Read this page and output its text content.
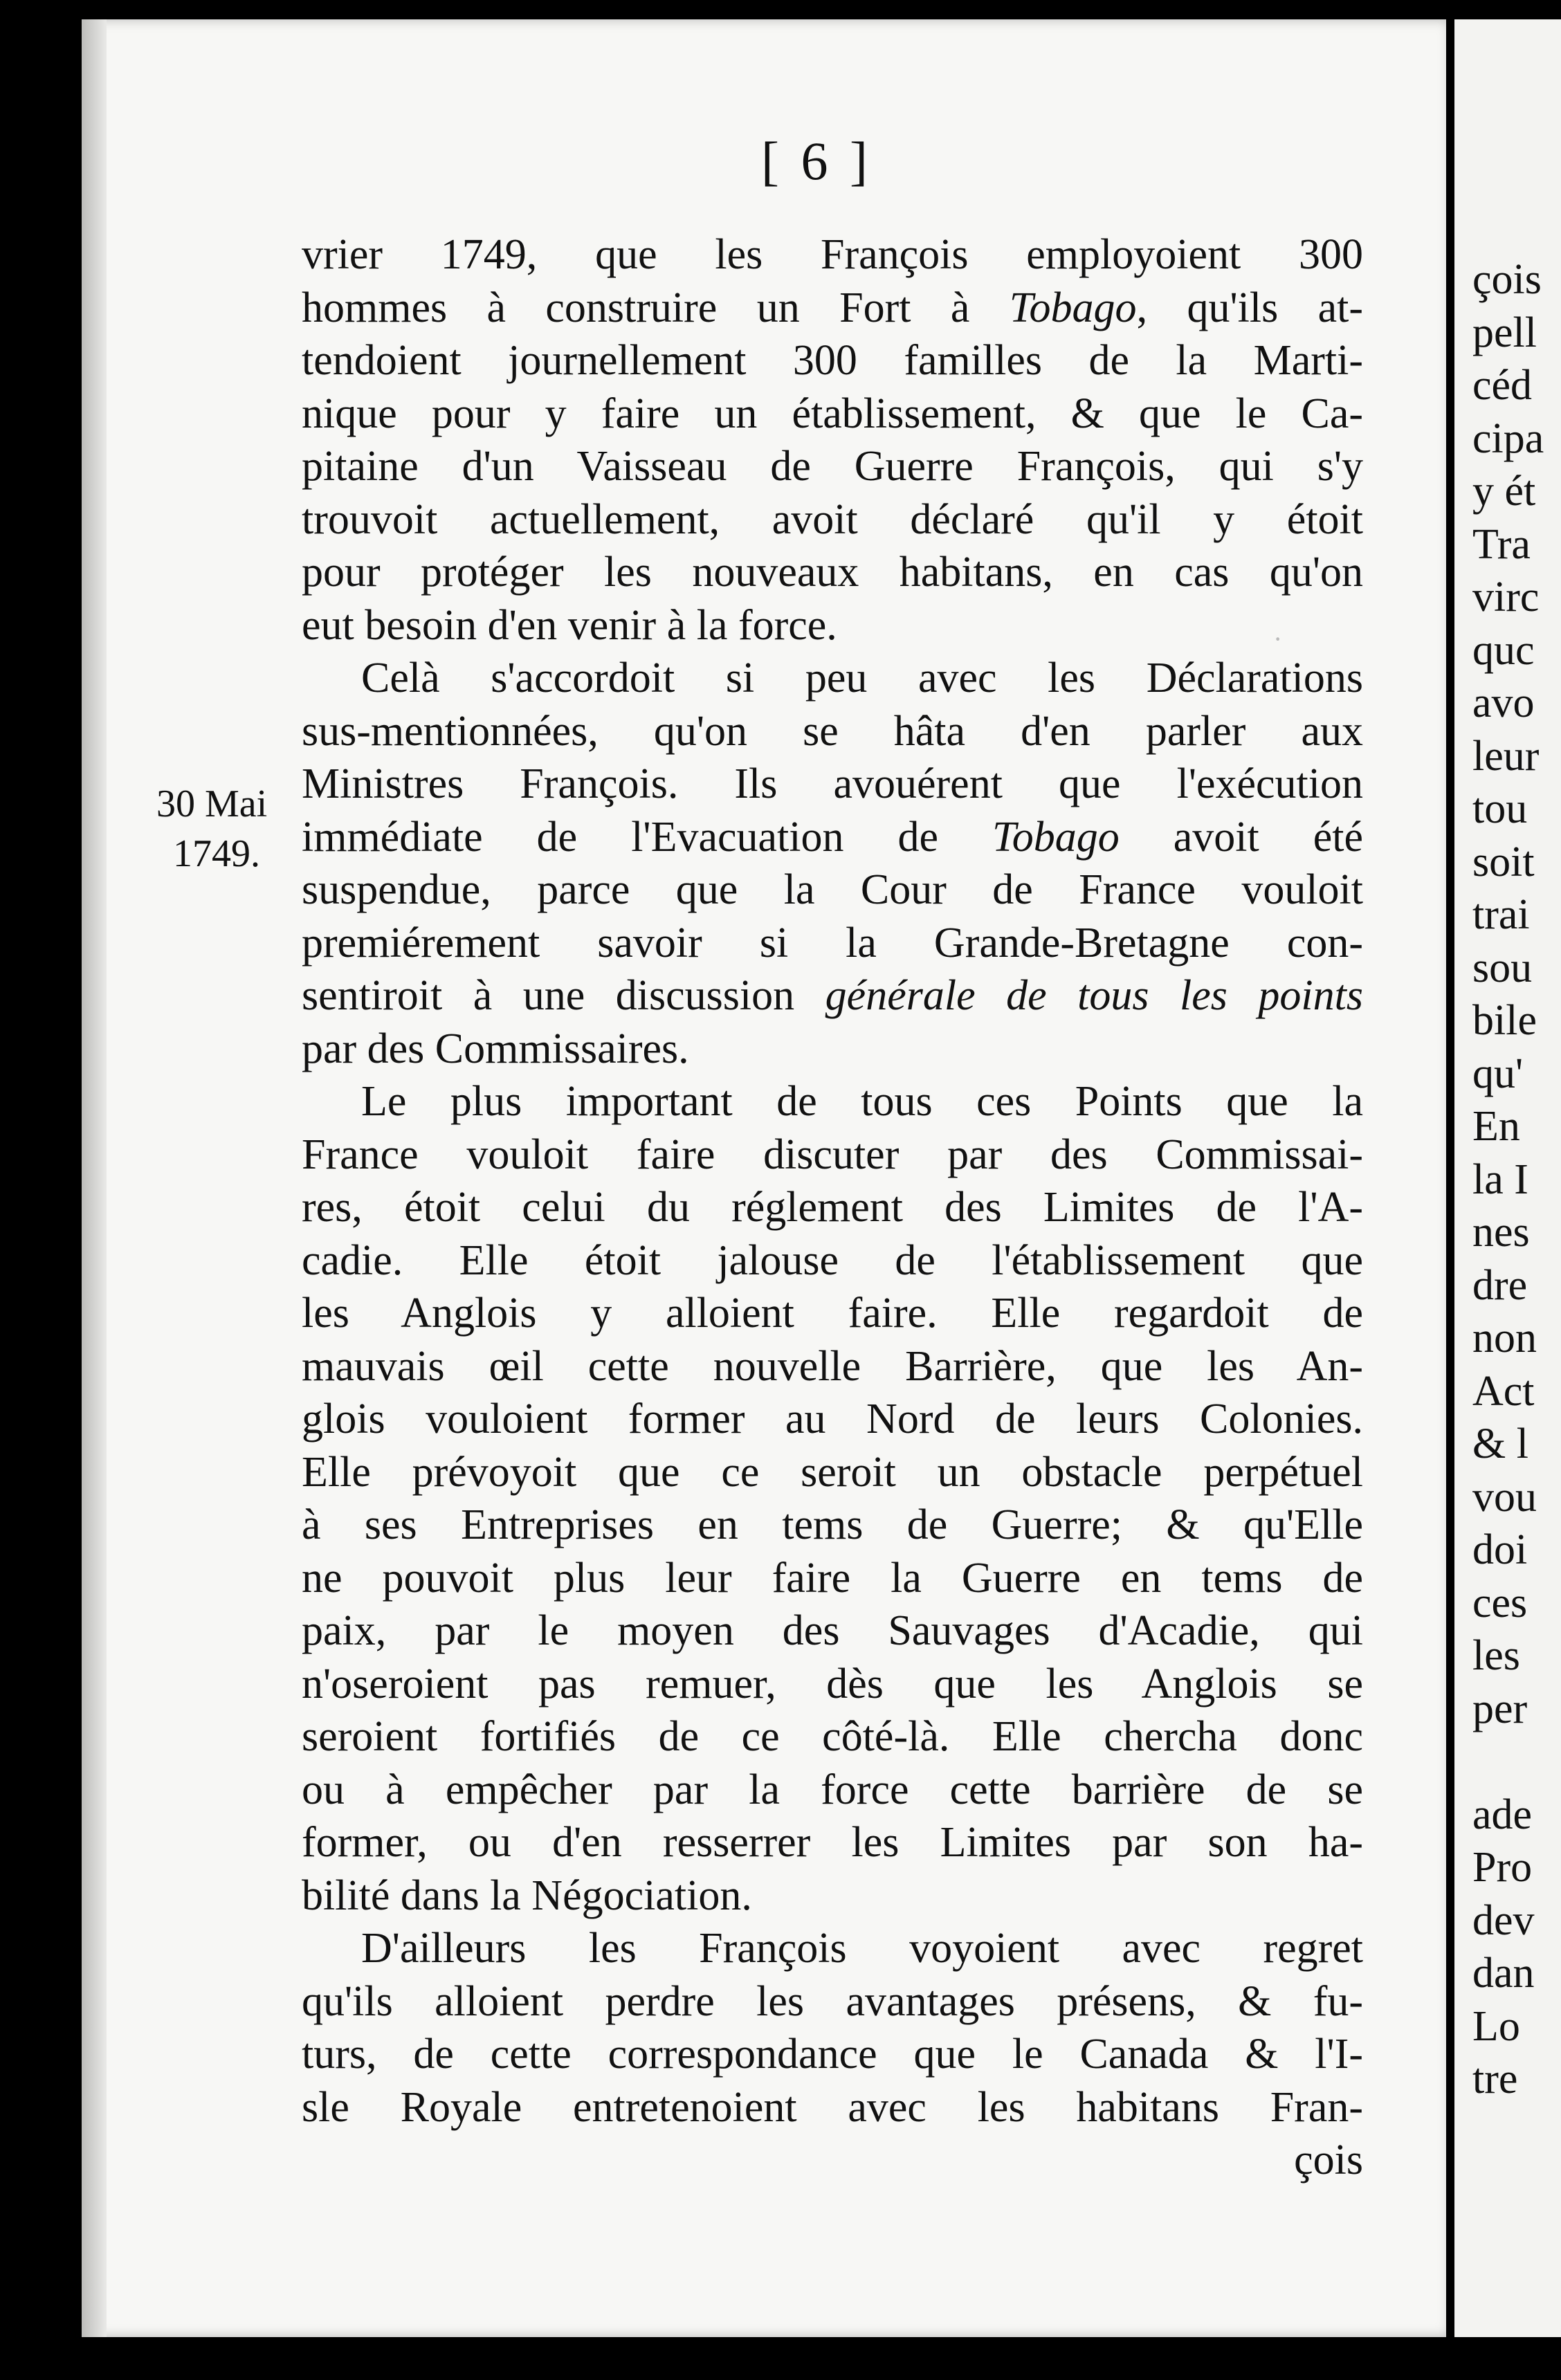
[ 6 ]
30 Mai
1749.
·
vrier 1749, que les François employoient 300
hommes à construire un Fort à Tobago, qu'ils at-
tendoient journellement 300 familles de la Marti-
nique pour y faire un établissement, & que le Ca-
pitaine d'un Vaisseau de Guerre François, qui s'y
trouvoit actuellement, avoit déclaré qu'il y étoit
pour protéger les nouveaux habitans, en cas qu'on
eut besoin d'en venir à la force.
Celà s'accordoit si peu avec les Déclarations
sus-mentionnées, qu'on se hâta d'en parler aux
Ministres François. Ils avouérent que l'exécution
immédiate de l'Evacuation de Tobago avoit été
suspendue, parce que la Cour de France vouloit
premiérement savoir si la Grande-Bretagne con-
sentiroit à une discussion générale de tous les points
par des Commissaires.
Le plus important de tous ces Points que la
France vouloit faire discuter par des Commissai-
res, étoit celui du réglement des Limites de l'A-
cadie. Elle étoit jalouse de l'établissement que
les Anglois y alloient faire. Elle regardoit de
mauvais œil cette nouvelle Barrière, que les An-
glois vouloient former au Nord de leurs Colonies.
Elle prévoyoit que ce seroit un obstacle perpétuel
à ses Entreprises en tems de Guerre; & qu'Elle
ne pouvoit plus leur faire la Guerre en tems de
paix, par le moyen des Sauvages d'Acadie, qui
n'oseroient pas remuer, dès que les Anglois se
seroient fortifiés de ce côté-là. Elle chercha donc
ou à empêcher par la force cette barrière de se
former, ou d'en resserrer les Limites par son ha-
bilité dans la Négociation.
D'ailleurs les François voyoient avec regret
qu'ils alloient perdre les avantages présens, & fu-
turs, de cette correspondance que le Canada & l'I-
sle Royale entretenoient avec les habitans Fran-
çois
çois
pell
céd
cipa
y ét
Tra
virc
quc
avo
leur
tou
soit
trai
sou
bile
qu'
En
la I
nes
dre
non
Act
& l
vou
doi
ces
les
per
ade
Pro
dev
dan
Lo
tre
